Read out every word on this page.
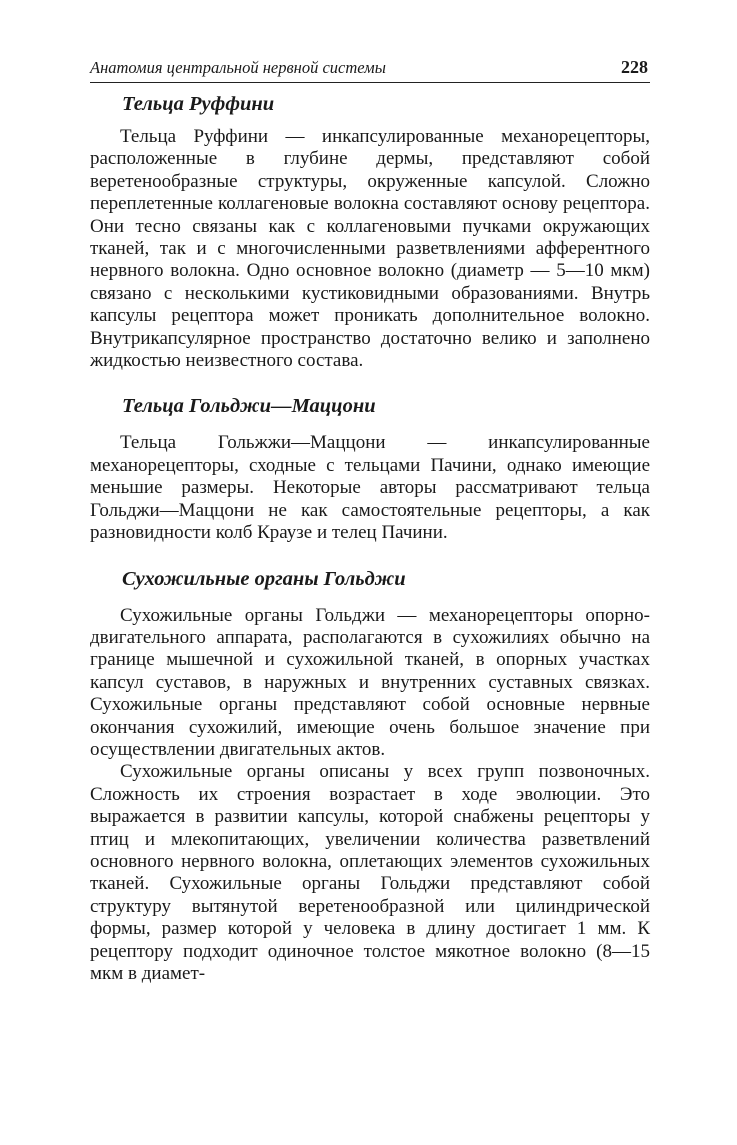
Анатомия центральной нервной системы	228
Тельца Руффини

Тельца Руффини — инкапсулированные механорецепторы, расположенные в глубине дермы, представляют собой веретенообразные структуры, окруженные капсулой. Сложно переплетенные коллагеновые волокна составляют основу рецептора. Они тесно связаны как с коллагеновыми пучками окружающих тканей, так и с многочисленными разветвлениями афферентного нервного волокна. Одно основное волокно (диаметр — 5—10 мкм) связано с несколькими кустиковидными образованиями. Внутрь капсулы рецептора может проникать дополнительное волокно. Внутрикапсулярное пространство достаточно велико и заполнено жидкостью неизвестного состава.

Тельца Гольджи—Маццони

Тельца Гольжжи—Маццони — инкапсулированные механорецепторы, сходные с тельцами Пачини, однако имеющие меньшие размеры. Некоторые авторы рассматривают тельца Гольджи—Маццони не как самостоятельные рецепторы, а как разновидности колб Краузе и телец Пачини.

Сухожильные органы Гольджи

Сухожильные органы Гольджи — механорецепторы опорно-двигательного аппарата, располагаются в сухожилиях обычно на границе мышечной и сухожильной тканей, в опорных участках капсул суставов, в наружных и внутренних суставных связках. Сухожильные органы представляют собой основные нервные окончания сухожилий, имеющие очень большое значение при осуществлении двигательных актов.

Сухожильные органы описаны у всех групп позвоночных. Сложность их строения возрастает в ходе эволюции. Это выражается в развитии капсулы, которой снабжены рецепторы у птиц и млекопитающих, увеличении количества разветвлений основного нервного волокна, оплетающих элементов сухожильных тканей. Сухожильные органы Гольджи представляют собой структуру вытянутой веретенообразной или цилиндрической формы, размер которой у человека в длину достигает 1 мм. К рецептору подходит одиночное толстое мякотное волокно (8—15 мкм в диамет-
